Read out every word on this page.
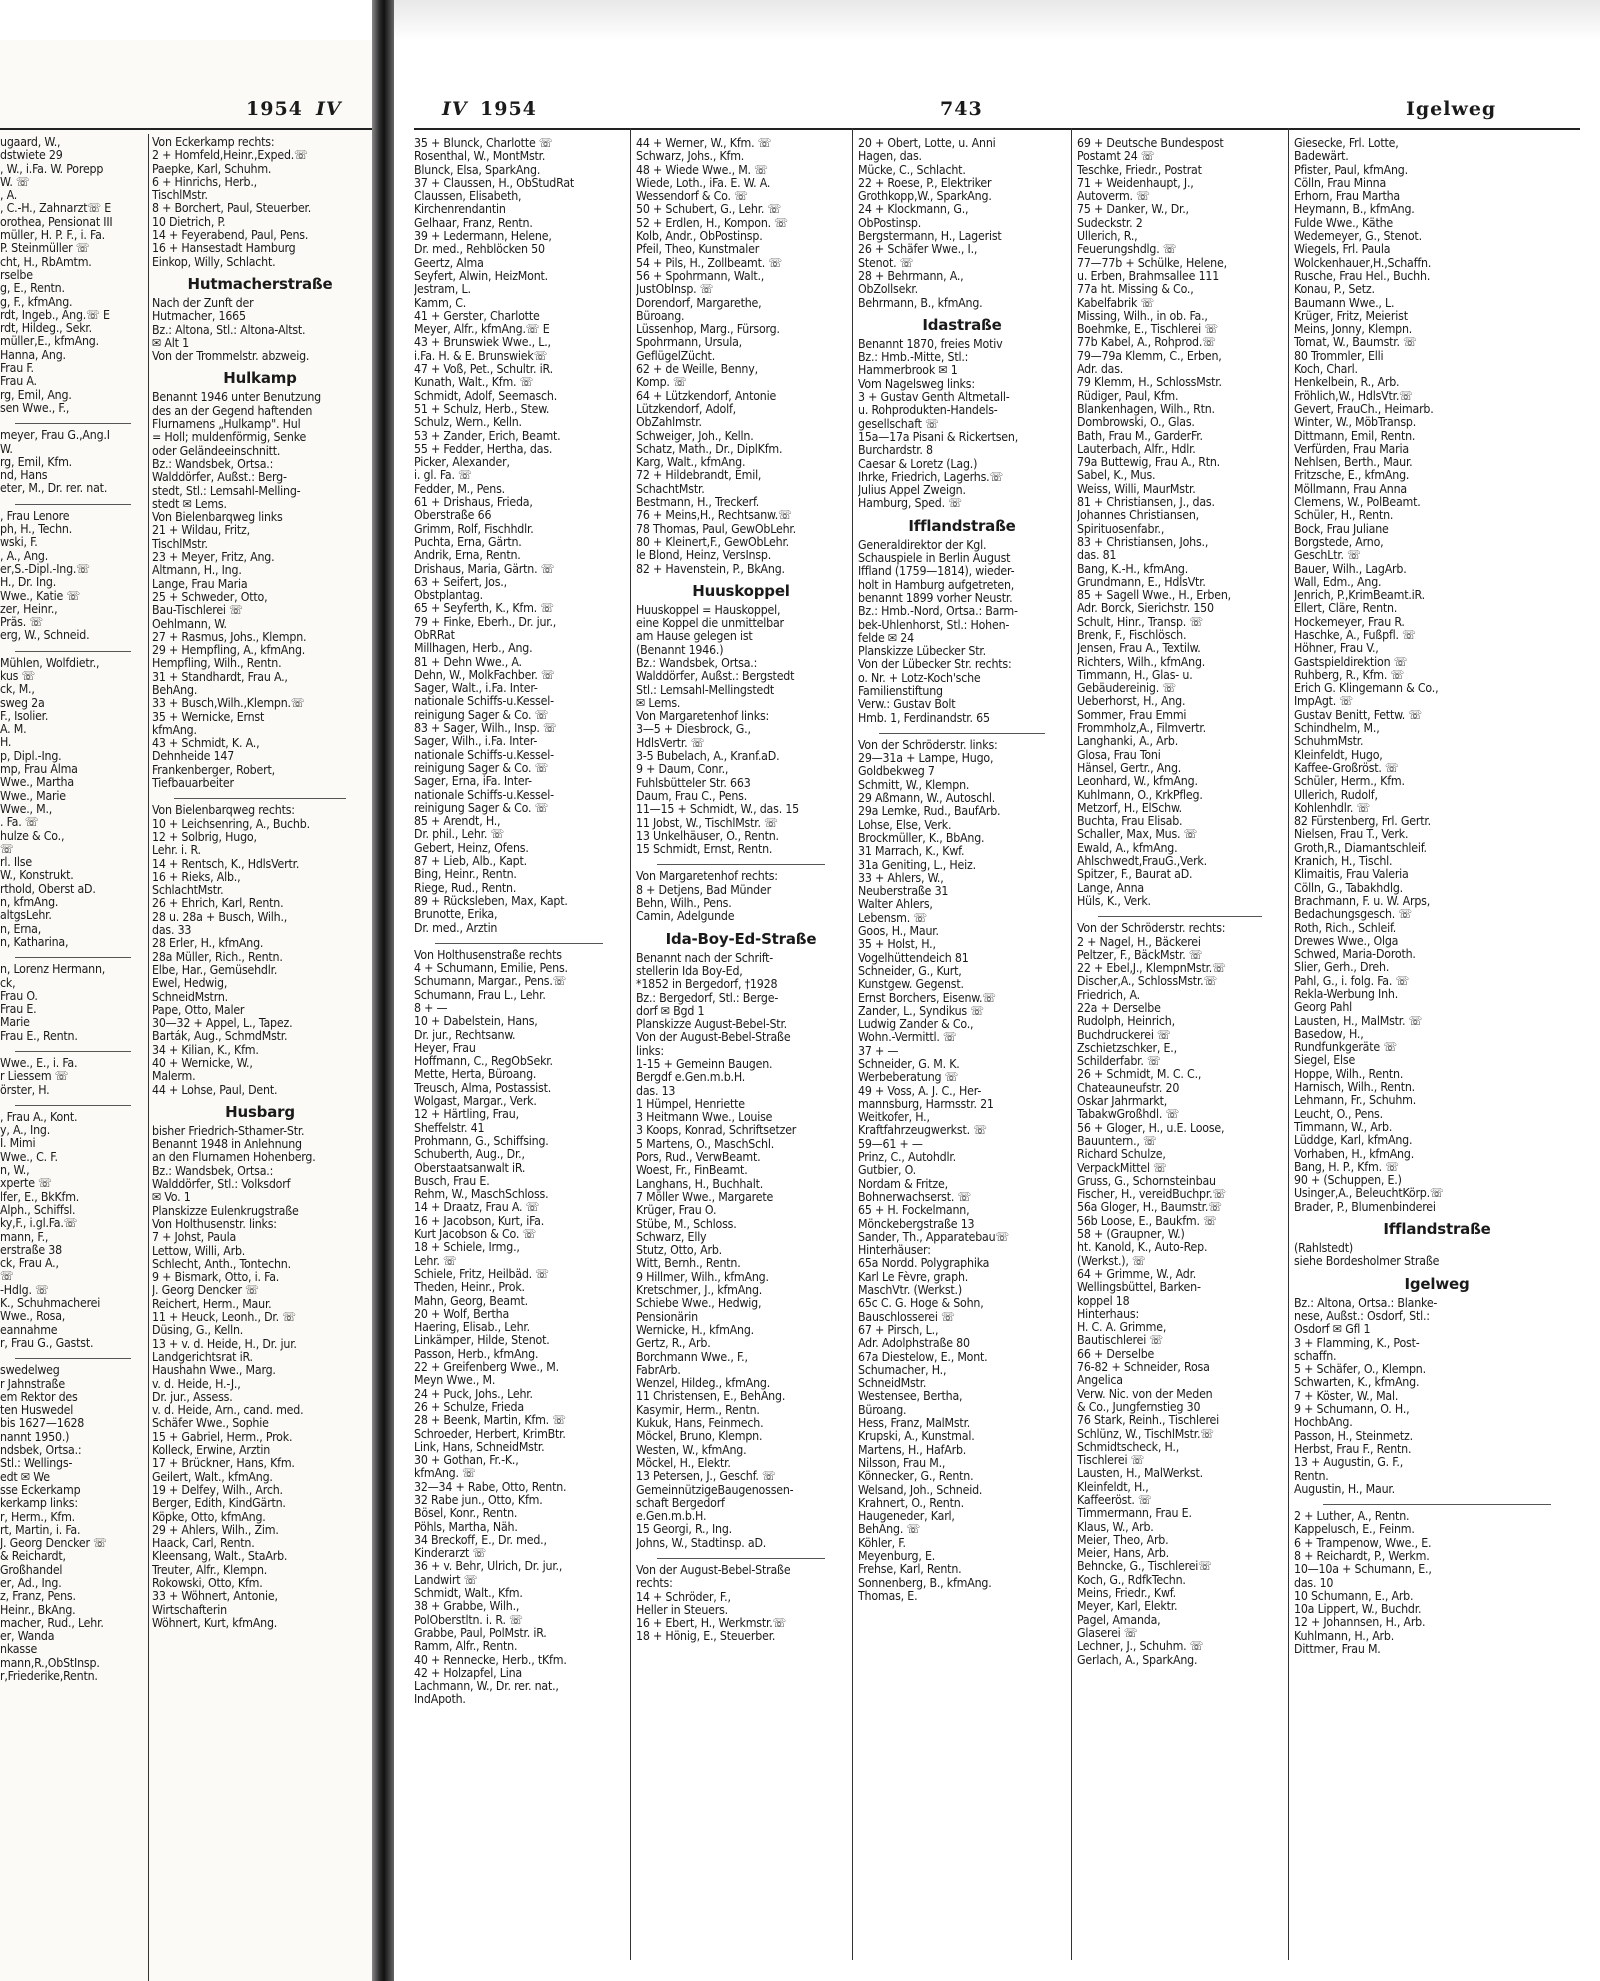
1954 IV
ugaard, W.,
dstwiete 29
, W., i.Fa. W. Porepp
W. ☏
, A.
, C.-H., Zahnarzt☏ E
orothea, Pensionat III
müller, H. P. F., i. Fa.
P. Steinmüller ☏
cht, H., RbAmtm.
rselbe
g, E., Rentn.
g, F., kfmAng.
rdt, Ingeb., Ang.☏ E
rdt, Hildeg., Sekr.
müller,E., kfmAng.
Hanna, Ang.
Frau F.
Frau A.
rg, Emil, Ang.
sen Wwe., F.,
meyer, Frau G.,Ang.I
W.
rg, Emil, Kfm.
nd, Hans
eter, M., Dr. rer. nat.
, Frau Lenore
ph, H., Techn.
wski, F.
, A., Ang.
er,S.-Dipl.-Ing.☏
H., Dr. Ing.
Wwe., Katie ☏
zer, Heinr.,
Präs. ☏
erg, W., Schneid.
Mühlen, Wolfdietr.,
kus ☏
ck, M.,
sweg 2a
F., Isolier.
A. M.
H.
p, Dipl.-Ing.
mp, Frau Alma
Wwe., Martha
Wwe., Marie
Wwe., M.,
. Fa. ☏
hulze & Co.,
☏
rl. Ilse
W., Konstrukt.
rthold, Oberst aD.
n, kfmAng.
altgsLehr.
n, Erna,
n, Katharina,
n, Lorenz Hermann,
ck,
Frau O.
Frau E.
Marie
Frau E., Rentn.
Wwe., E., i. Fa.
r Liessem ☏
örster, H.
, Frau A., Kont.
y, A., Ing.
I. Mimi
Wwe., C. F.
n, W.,
xperte ☏
lfer, E., BkKfm.
Alph., Schiffsl.
ky,F., i.gl.Fa.☏
mann, F.,
erstraße 38
ck, Frau A.,
☏
-Hdlg. ☏
K., Schuhmacherei
Wwe., Rosa,
eannahme
r, Frau G., Gastst.
swedelweg
r Jahnstraße
em Rektor des
ten Huswedel
bis 1627—1628
nannt 1950.)
ndsbek, Ortsa.:
Stl.: Wellings-
edt ✉ We
sse Eckerkamp
kerkamp links:
r, Herm., Kfm.
rt, Martin, i. Fa.
J. Georg Dencker ☏
& Reichardt,
Großhandel
er, Ad., Ing.
z, Franz, Pens.
Heinr., BkAng.
macher, Rud., Lehr.
er, Wanda
nkasse
mann,R.,ObStInsp.
r,Friederike,Rentn.
Von Eckerkamp rechts:
2 + Homfeld,Heinr.,Exped.☏
Paepke, Karl, Schuhm.
6 + Hinrichs, Herb.,
TischlMstr.
8 + Borchert, Paul, Steuerber.
10 Dietrich, P.
14 + Feyerabend, Paul, Pens.
16 + Hansestadt Hamburg
Einkop, Willy, Schlacht.
Hutmacherstraße
Nach der Zunft der
Hutmacher, 1665
Bz.: Altona, Stl.: Altona-Altst.
✉ Alt 1
Von der Trommelstr. abzweig.
Hulkamp
Benannt 1946 unter Benutzung
des an der Gegend haftenden
Flurnamens „Hulkamp". Hul
= Holl; muldenförmig, Senke
oder Geländeeinschnitt.
Bz.: Wandsbek, Ortsa.:
Walddörfer, Außst.: Berg-
stedt, Stl.: Lemsahl-Melling-
stedt ✉ Lems.
Von Bielenbarqweg links
21 + Wildau, Fritz,
TischlMstr.
23 + Meyer, Fritz, Ang.
Altmann, H., Ing.
Lange, Frau Maria
25 + Schweder, Otto,
Bau-Tischlerei ☏
Oehlmann, W.
27 + Rasmus, Johs., Klempn.
29 + Hempfling, A., kfmAng.
Hempfling, Wilh., Rentn.
31 + Standhardt, Frau A.,
BehAng.
33 + Busch,Wilh.,Klempn.☏
35 + Wernicke, Ernst
kfmAng.
43 + Schmidt, K. A.,
Dehnheide 147
Frankenberger, Robert,
Tiefbauarbeiter
Von Bielenbarqweg rechts:
10 + Leichsenring, A., Buchb.
12 + Solbrig, Hugo,
Lehr. i. R.
14 + Rentsch, K., HdlsVertr.
16 + Rieks, Alb.,
SchlachtMstr.
26 + Ehrich, Karl, Rentn.
28 u. 28a + Busch, Wilh.,
das. 33
28 Erler, H., kfmAng.
28a Müller, Rich., Rentn.
Elbe, Har., Gemüsehdlr.
Ewel, Hedwig,
SchneidMstrn.
Pape, Otto, Maler
30—32 + Appel, L., Tapez.
Barták, Aug., SchmdMstr.
34 + Kilian, K., Kfm.
40 + Wernicke, W.,
Malerm.
44 + Lohse, Paul, Dent.
Husbarg
bisher Friedrich-Sthamer-Str.
Benannt 1948 in Anlehnung
an den Flurnamen Hohenberg.
Bz.: Wandsbek, Ortsa.:
Walddörfer, Stl.: Volksdorf
✉ Vo. 1
Planskizze Eulenkrugstraße
Von Holthusenstr. links:
7 + Johst, Paula
Lettow, Willi, Arb.
Schlecht, Anth., Tontechn.
9 + Bismark, Otto, i. Fa.
J. Georg Dencker ☏
Reichert, Herm., Maur.
11 + Heuck, Leonh., Dr. ☏
Düsing, G., Kelln.
13 + v. d. Heide, H., Dr. jur.
Landgerichtsrat iR.
Haushahn Wwe., Marg.
v. d. Heide, H.-J.,
Dr. jur., Assess.
v. d. Heide, Arn., cand. med.
Schäfer Wwe., Sophie
15 + Gabriel, Herm., Prok.
Kolleck, Erwine, Ärztin
17 + Brückner, Hans, Kfm.
Geilert, Walt., kfmAng.
19 + Delfey, Wilh., Arch.
Berger, Edith, KindGärtn.
Köpke, Otto, kfmAng.
29 + Ahlers, Wilh., Zim.
Haack, Carl, Rentn.
Kleensang, Walt., StaArb.
Treuter, Alfr., Klempn.
Rokowski, Otto, Kfm.
33 + Wöhnert, Antonie,
Wirtschafterin
Wöhnert, Kurt, kfmAng.
IV 1954	743	Igelweg
35 + Blunck, Charlotte ☏
Rosenthal, W., MontMstr.
Blunck, Elsa, SparkAng.
37 + Claussen, H., ObStudRat
Claussen, Elisabeth,
Kirchenrendantin
Gelhaar, Franz, Rentn.
39 + Ledermann, Helene,
Dr. med., Rehblöcken 50
Geertz, Alma
Seyfert, Alwin, HeizMont.
Jestram, L.
Kamm, C.
41 + Gerster, Charlotte
Meyer, Alfr., kfmAng.☏ E
43 + Brunswiek Wwe., L.,
i.Fa. H. & E. Brunswiek☏
47 + Voß, Pet., Schultr. iR.
Kunath, Walt., Kfm. ☏
Schmidt, Adolf, Seemasch.
51 + Schulz, Herb., Stew.
Schulz, Wern., Kelln.
53 + Zander, Erich, Beamt.
55 + Fedder, Hertha, das.
Picker, Alexander,
i. gl. Fa. ☏
Fedder, M., Pens.
61 + Drishaus, Frieda,
Oberstraße 66
Grimm, Rolf, Fischhdlr.
Puchta, Erna, Gärtn.
Andrik, Erna, Rentn.
Drishaus, Maria, Gärtn. ☏
63 + Seifert, Jos.,
Obstplantag.
65 + Seyferth, K., Kfm. ☏
79 + Finke, Eberh., Dr. jur.,
ObRRat
Millhagen, Herb., Ang.
81 + Dehn Wwe., A.
Dehn, W., MolkFachber. ☏
Sager, Walt., i.Fa. Inter-
nationale Schiffs-u.Kessel-
reinigung Sager & Co. ☏
83 + Sager, Wilh., Insp. ☏
Sager, Wilh., i.Fa. Inter-
nationale Schiffs-u.Kessel-
reinigung Sager & Co. ☏
Sager, Erna, iFa. Inter-
nationale Schiffs-u.Kessel-
reinigung Sager & Co. ☏
85 + Arendt, H.,
Dr. phil., Lehr. ☏
Gebert, Heinz, Ofens.
87 + Lieb, Alb., Kapt.
Bing, Heinr., Rentn.
Riege, Rud., Rentn.
89 + Rücksleben, Max, Kapt.
Brunotte, Erika,
Dr. med., Ärztin
Von Holthusenstraße rechts
4 + Schumann, Emilie, Pens.
Schumann, Margar., Pens.☏
Schumann, Frau L., Lehr.
8 + —
10 + Dabelstein, Hans,
Dr. jur., Rechtsanw.
Heyer, Frau
Hoffmann, C., RegObSekr.
Mette, Herta, Büroang.
Treusch, Alma, Postassist.
Wolgast, Margar., Verk.
12 + Härtling, Frau,
Sheffelstr. 41
Prohmann, G., Schiffsing.
Schuberth, Aug., Dr.,
Oberstaatsanwalt iR.
Busch, Frau E.
Rehm, W., MaschSchloss.
14 + Draatz, Frau A. ☏
16 + Jacobson, Kurt, iFa.
Kurt Jacobson & Co. ☏
18 + Schiele, Irmg.,
Lehr. ☏
Schiele, Fritz, Heilbäd. ☏
Theden, Heinr., Prok.
Mahn, Georg, Beamt.
20 + Wolf, Bertha
Haering, Elisab., Lehr.
Linkämper, Hilde, Stenot.
Passon, Herb., kfmAng.
22 + Greifenberg Wwe., M.
Meyn Wwe., M.
24 + Puck, Johs., Lehr.
26 + Schulze, Frieda
28 + Beenk, Martin, Kfm. ☏
Schroeder, Herbert, KrimBtr.
Link, Hans, SchneidMstr.
30 + Gothan, Fr.-K.,
kfmAng. ☏
32—34 + Rabe, Otto, Rentn.
32 Rabe jun., Otto, Kfm.
Bösel, Konr., Rentn.
Pöhls, Martha, Näh.
34 Breckoff, E., Dr. med.,
Kinderarzt ☏
36 + v. Behr, Ulrich, Dr. jur.,
Landwirt ☏
Schmidt, Walt., Kfm.
38 + Grabbe, Wilh.,
PolOberstltn. i. R. ☏
Grabbe, Paul, PolMstr. iR.
Ramm, Alfr., Rentn.
40 + Rennecke, Herb., tKfm.
42 + Holzapfel, Lina
Lachmann, W., Dr. rer. nat.,
IndApoth.
44 + Werner, W., Kfm. ☏
Schwarz, Johs., Kfm.
48 + Wiede Wwe., M. ☏
Wiede, Loth., iFa. E. W. A.
Wessendorf & Co. ☏
50 + Schubert, G., Lehr. ☏
52 + Erdlen, H., Kompon. ☏
Kolb, Andr., ObPostinsp.
Pfeil, Theo, Kunstmaler
54 + Pils, H., Zollbeamt. ☏
56 + Spohrmann, Walt.,
JustObInsp. ☏
Dorendorf, Margarethe,
Büroang.
Lüssenhop, Marg., Fürsorg.
Spohrmann, Ursula,
GeflügelZücht.
62 + de Weille, Benny,
Komp. ☏
64 + Lützkendorf, Antonie
Lützkendorf, Adolf,
ObZahlmstr.
Schweiger, Joh., Kelln.
Schatz, Math., Dr., DiplKfm.
Karg, Walt., kfmAng.
72 + Hildebrandt, Emil,
SchachtMstr.
Bestmann, H., Treckerf.
76 + Meins,H., Rechtsanw.☏
78 Thomas, Paul, GewObLehr.
80 + Kleinert,F., GewObLehr.
le Blond, Heinz, VersInsp.
82 + Havenstein, P., BkAng.
Huuskoppel
Huuskoppel = Hauskoppel,
eine Koppel die unmittelbar
am Hause gelegen ist
(Benannt 1946.)
Bz.: Wandsbek, Ortsa.:
Walddörfer, Außst.: Bergstedt
Stl.: Lemsahl-Mellingstedt
✉ Lems.
Von Margaretenhof links:
3—5 + Diesbrock, G.,
HdlsVertr. ☏
3-5 Bubelach, A., Kranf.aD.
9 + Daum, Conr.,
Fuhlsbütteler Str. 663
Daum, Frau C., Pens.
11—15 + Schmidt, W., das. 15
11 Jobst, W., TischlMstr. ☏
13 Unkelhäuser, O., Rentn.
15 Schmidt, Ernst, Rentn.
Von Margaretenhof rechts:
8 + Detjens, Bad Münder
Behn, Wilh., Pens.
Camin, Adelgunde
Ida-Boy-Ed-Straße
Benannt nach der Schrift-
stellerin Ida Boy-Ed,
*1852 in Bergedorf, †1928
Bz.: Bergedorf, Stl.: Berge-
dorf ✉ Bgd 1
Planskizze August-Bebel-Str.
Von der August-Bebel-Straße
links:
1-15 + Gemeinn Baugen.
Bergdf e.Gen.m.b.H.
das. 13
1 Hümpel, Henriette
3 Heitmann Wwe., Louise
3 Koops, Konrad, Schriftsetzer
5 Martens, O., MaschSchl.
Pors, Rud., VerwBeamt.
Woest, Fr., FinBeamt.
Langhans, H., Buchhalt.
7 Möller Wwe., Margarete
Krüger, Frau O.
Stübe, M., Schloss.
Schwarz, Elly
Stutz, Otto, Arb.
Witt, Bernh., Rentn.
9 Hillmer, Wilh., kfmAng.
Kretschmer, J., kfmAng.
Schiebe Wwe., Hedwig,
Pensionärin
Wernicke, H., kfmAng.
Gertz, R., Arb.
Borchmann Wwe., F.,
FabrArb.
Wenzel, Hildeg., kfmAng.
11 Christensen, E., BehAng.
Kasymir, Herm., Rentn.
Kukuk, Hans, Feinmech.
Möckel, Bruno, Klempn.
Westen, W., kfmAng.
Möckel, H., Elektr.
13 Petersen, J., Geschf. ☏
GemeinnützigeBaugenossen-
schaft Bergedorf
e.Gen.m.b.H.
15 Georgi, R., Ing.
Johns, W., Stadtinsp. aD.
Von der August-Bebel-Straße
rechts:
14 + Schröder, F.,
Heller in Steuers.
16 + Ebert, H., Werkmstr.☏
18 + Hönig, E., Steuerber.
20 + Obert, Lotte, u. Anni
Hagen, das.
Mücke, C., Schlacht.
22 + Roese, P., Elektriker
Grothkopp,W., SparkAng.
24 + Klockmann, G.,
ObPostinsp.
Bergstermann, H., Lagerist
26 + Schäfer Wwe., I.,
Stenot. ☏
28 + Behrmann, A.,
ObZollsekr.
Behrmann, B., kfmAng.
Idastraße
Benannt 1870, freies Motiv
Bz.: Hmb.-Mitte, Stl.:
Hammerbrook ✉ 1
Vom Nagelsweg links:
3 + Gustav Genth Altmetall-
u. Rohprodukten-Handels-
gesellschaft ☏
15a—17a Pisani & Rickertsen,
Burchardstr. 8
Caesar & Loretz (Lag.)
Ihrke, Friedrich, Lagerhs.☏
Julius Appel Zweign.
Hamburg, Sped. ☏
Ifflandstraße
Generaldirektor der Kgl.
Schauspiele in Berlin August
Iffland (1759—1814), wieder-
holt in Hamburg aufgetreten,
benannt 1899 vorher Neustr.
Bz.: Hmb.-Nord, Ortsa.: Barm-
bek-Uhlenhorst, Stl.: Hohen-
felde ✉ 24
Planskizze Lübecker Str.
Von der Lübecker Str. rechts:
o. Nr. + Lotz-Koch'sche
Familienstiftung
Verw.: Gustav Bolt
Hmb. 1, Ferdinandstr. 65
Von der Schröderstr. links:
29—31a + Lampe, Hugo,
Goldbekweg 7
Schmitt, W., Klempn.
29 Aßmann, W., Autoschl.
29a Lemke, Rud., BaufArb.
Lohse, Else, Verk.
Brockmüller, K., BbAng.
31 Marrach, K., Kwf.
31a Geniting, L., Heiz.
33 + Ahlers, W.,
Neuberstraße 31
Walter Ahlers,
Lebensm. ☏
Goos, H., Maur.
35 + Holst, H.,
Vogelhüttendeich 81
Schneider, G., Kurt,
Kunstgew. Gegenst.
Ernst Borchers, Eisenw.☏
Zander, L., Syndikus ☏
Ludwig Zander & Co.,
Wohn.-Vermittl. ☏
37 + —
Schneider, G. M. K.
Werbeberatung ☏
49 + Voss, A. J. C., Her-
mannsburg, Harmsstr. 21
Weitkofer, H.,
Kraftfahrzeugwerkst. ☏
59—61 + —
Prinz, C., Autohdlr.
Gutbier, O.
Nordam & Fritze,
Bohnerwachserst. ☏
65 + H. Fockelmann,
Mönckebergstraße 13
Sander, Th., Apparatebau☏
Hinterhäuser:
65a Nordd. Polygraphika
Karl Le Fèvre, graph.
MaschVtr. (Werkst.)
65c C. G. Hoge & Sohn,
Bauschlosserei ☏
67 + Pirsch, L.,
Adr. Adolphstraße 80
67a Diestelow, E., Mont.
Schumacher, H.,
SchneidMstr.
Westensee, Bertha,
Büroang.
Hess, Franz, MalMstr.
Krupski, A., Kunstmal.
Martens, H., HafArb.
Nilsson, Frau M.,
Könnecker, G., Rentn.
Welsand, Joh., Schneid.
Krahnert, O., Rentn.
Haugeneder, Karl,
BehAng. ☏
Köhler, F.
Meyenburg, E.
Frehse, Karl, Rentn.
Sonnenberg, B., kfmAng.
Thomas, E.
69 + Deutsche Bundespost
Postamt 24 ☏
Teschke, Friedr., Postrat
71 + Weidenhaupt, J.,
Autoverm. ☏
75 + Danker, W., Dr.,
Sudeckstr. 2
Ullerich, R.,
Feuerungshdlg. ☏
77—77b + Schülke, Helene,
u. Erben, Brahmsallee 111
77a ht. Missing & Co.,
Kabelfabrik ☏
Missing, Wilh., in ob. Fa.,
Boehmke, E., Tischlerei ☏
77b Kabel, A., Rohprod.☏
79—79a Klemm, C., Erben,
Adr. das.
79 Klemm, H., SchlossMstr.
Rüdiger, Paul, Kfm.
Blankenhagen, Wilh., Rtn.
Dombrowski, O., Glas.
Bath, Frau M., GarderFr.
Lauterbach, Alfr., Hdlr.
79a Buttewig, Frau A., Rtn.
Sabel, K., Mus.
Weiss, Willi, MaurMstr.
81 + Christiansen, J., das.
Johannes Christiansen,
Spirituosenfabr.,
83 + Christiansen, Johs.,
das. 81
Bang, K.-H., kfmAng.
Grundmann, E., HdlsVtr.
85 + Sagell Wwe., H., Erben,
Adr. Borck, Sierichstr. 150
Schult, Hinr., Transp. ☏
Brenk, F., Fischlösch.
Jensen, Frau A., Textilw.
Richters, Wilh., kfmAng.
Timmann, H., Glas- u.
Gebäudereinig. ☏
Ueberhorst, H., Ang.
Sommer, Frau Emmi
Frommholz,A., Filmvertr.
Langhanki, A., Arb.
Glosa, Frau Toni
Hänsel, Gertr., Ang.
Leonhard, W., kfmAng.
Kuhlmann, O., KrkPfleg.
Metzorf, H., ElSchw.
Buchta, Frau Elisab.
Schaller, Max, Mus. ☏
Ewald, A., kfmAng.
Ahlschwedt,FrauG.,Verk.
Spitzer, F., Baurat aD.
Lange, Anna
Hüls, K., Verk.
Von der Schröderstr. rechts:
2 + Nagel, H., Bäckerei
Peltzer, F., BäckMstr. ☏
22 + Ebel,J., KlempnMstr.☏
Discher,A., SchlossMstr.☏
Friedrich, A.
22a + Derselbe
Rudolph, Heinrich,
Buchdruckerei ☏
Zschietzschker, E.,
Schilderfabr. ☏
26 + Schmidt, M. C. C.,
Chateauneufstr. 20
Oskar Jahrmarkt,
TabakwGroßhdl. ☏
56 + Gloger, H., u.E. Loose,
Bauuntern., ☏
Richard Schulze,
VerpackMittel ☏
Gruss, G., Schornsteinbau
Fischer, H., vereidBuchpr.☏
56a Gloger, H., Baumstr.☏
56b Loose, E., Baukfm. ☏
58 + (Graupner, W.)
ht. Kanold, K., Auto-Rep.
(Werkst.), ☏
64 + Grimme, W., Adr.
Wellingsbüttel, Barken-
koppel 18
Hinterhaus:
H. C. A. Grimme,
Bautischlerei ☏
66 + Derselbe
76-82 + Schneider, Rosa
Angelica
Verw. Nic. von der Meden
& Co., Jungfernstieg 30
76 Stark, Reinh., Tischlerei
Schlünz, W., TischlMstr.☏
Schmidtscheck, H.,
Tischlerei ☏
Lausten, H., MalWerkst.
Kleinfeldt, H.,
Kaffeeröst. ☏
Timmermann, Frau E.
Klaus, W., Arb.
Meier, Theo, Arb.
Meier, Hans, Arb.
Behncke, G., Tischlerei☏
Koch, G., RdfkTechn.
Meins, Friedr., Kwf.
Meyer, Karl, Elektr.
Pagel, Amanda,
Glaserei ☏
Lechner, J., Schuhm. ☏
Gerlach, A., SparkAng.
Giesecke, Frl. Lotte,
Badewärt.
Pfister, Paul, kfmAng.
Cölln, Frau Minna
Erhorn, Frau Martha
Heymann, B., kfmAng.
Fulde Wwe., Käthe
Wedemeyer, G., Stenot.
Wiegels, Frl. Paula
Wolckenhauer,H.,Schaffn.
Rusche, Frau Hel., Buchh.
Konau, P., Setz.
Baumann Wwe., L.
Krüger, Fritz, Meierist
Meins, Jonny, Klempn.
Tomat, W., Baumstr. ☏
80 Trommler, Elli
Koch, Charl.
Henkelbein, R., Arb.
Fröhlich,W., HdlsVtr.☏
Gevert, FrauCh., Heimarb.
Winter, W., MöbTransp.
Dittmann, Emil, Rentn.
Verfürden, Frau Maria
Nehlsen, Berth., Maur.
Fritzsche, E., kfmAng.
Möllmann, Frau Anna
Clemens, W., PolBeamt.
Schüler, H., Rentn.
Bock, Frau Juliane
Borgstede, Arno,
GeschLtr. ☏
Bauer, Wilh., LagArb.
Wall, Edm., Ang.
Jenrich, P.,KrimBeamt.iR.
Ellert, Cläre, Rentn.
Hockemeyer, Frau R.
Haschke, A., Fußpfl. ☏
Höhner, Frau V.,
Gastspieldirektion ☏
Ruhberg, R., Kfm. ☏
Erich G. Klingemann & Co.,
ImpAgt. ☏
Gustav Benitt, Fettw. ☏
Schindhelm, M.,
SchuhmMstr.
Kleinfeldt, Hugo,
Kaffee-Großröst. ☏
Schüler, Herm., Kfm.
Ullerich, Rudolf,
Kohlenhdlr. ☏
82 Fürstenberg, Frl. Gertr.
Nielsen, Frau T., Verk.
Groth,R., Diamantschleif.
Kranich, H., Tischl.
Klimaitis, Frau Valeria
Cölln, G., Tabakhdlg.
Brachmann, F. u. W. Arps,
Bedachungsgesch. ☏
Roth, Rich., Schleif.
Drewes Wwe., Olga
Schwed, Maria-Doroth.
Slier, Gerh., Dreh.
Pahl, G., i. folg. Fa. ☏
Rekla-Werbung Inh.
Georg Pahl
Lausten, H., MalMstr. ☏
Basedow, H.,
Rundfunkgeräte ☏
Siegel, Else
Hoppe, Wilh., Rentn.
Harnisch, Wilh., Rentn.
Lehmann, Fr., Schuhm.
Leucht, O., Pens.
Timmann, W., Arb.
Lüddge, Karl, kfmAng.
Vorhaben, H., kfmAng.
Bang, H. P., Kfm. ☏
90 + (Schuppen, E.)
Usinger,A., BeleuchtKörp.☏
Brader, P., Blumenbinderei
Ifflandstraße
(Rahlstedt)
siehe Bordesholmer Straße
Igelweg
Bz.: Altona, Ortsa.: Blanke-
nese, Außst.: Osdorf, Stl.:
Osdorf ✉ Gfl 1
3 + Flamming, K., Post-
schaffn.
5 + Schäfer, O., Klempn.
Schwarten, K., kfmAng.
7 + Köster, W., Mal.
9 + Schumann, O. H.,
HochbAng.
Passon, H., Steinmetz.
Herbst, Frau F., Rentn.
13 + Augustin, G. F.,
Rentn.
Augustin, H., Maur.
2 + Luther, A., Rentn.
Kappelusch, E., Feinm.
6 + Trampenow, Wwe., E.
8 + Reichardt, P., Werkm.
10—10a + Schumann, E.,
das. 10
10 Schumann, E., Arb.
10a Lippert, W., Buchdr.
12 + Johannsen, H., Arb.
Kuhlmann, H., Arb.
Dittmer, Frau M.
